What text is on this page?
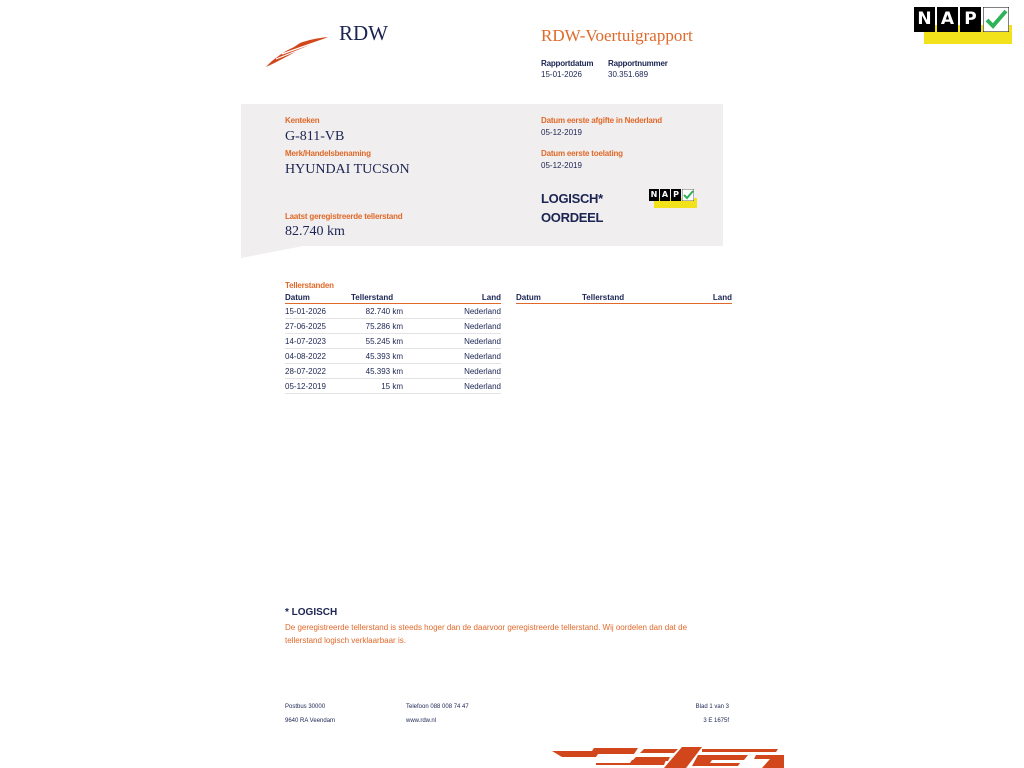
RDW	RDW-Voertuigrapport
Rapportdatum
15-01-2026
Rapportnummer
30.351.689
N A P
Kenteken
G-811-VB
Merk/Handelsbenaming
HYUNDAI TUCSON
Laatst geregistreerde tellerstand
82.740 km
Datum eerste afgifte in Nederland
05-12-2019
Datum eerste toelating
05-12-2019
LOGISCH*
OORDEEL
N A P
Tellerstanden
Datum	Tellerstand	Land
15-01-2026	82.740 km	Nederland
27-06-2025	75.286 km	Nederland
14-07-2023	55.245 km	Nederland
04-08-2022	45.393 km	Nederland
28-07-2022	45.393 km	Nederland
05-12-2019	15 km	Nederland
Datum	Tellerstand	Land
* LOGISCH
De geregistreerde tellerstand is steeds hoger dan de daarvoor geregistreerde tellerstand. Wij oordelen dan dat de
tellerstand logisch verklaarbaar is.
Postbus 30000
9640 RA Veendam
Telefoon 088 008 74 47
www.rdw.nl
Blad 1 van 3
3 E 1675f
